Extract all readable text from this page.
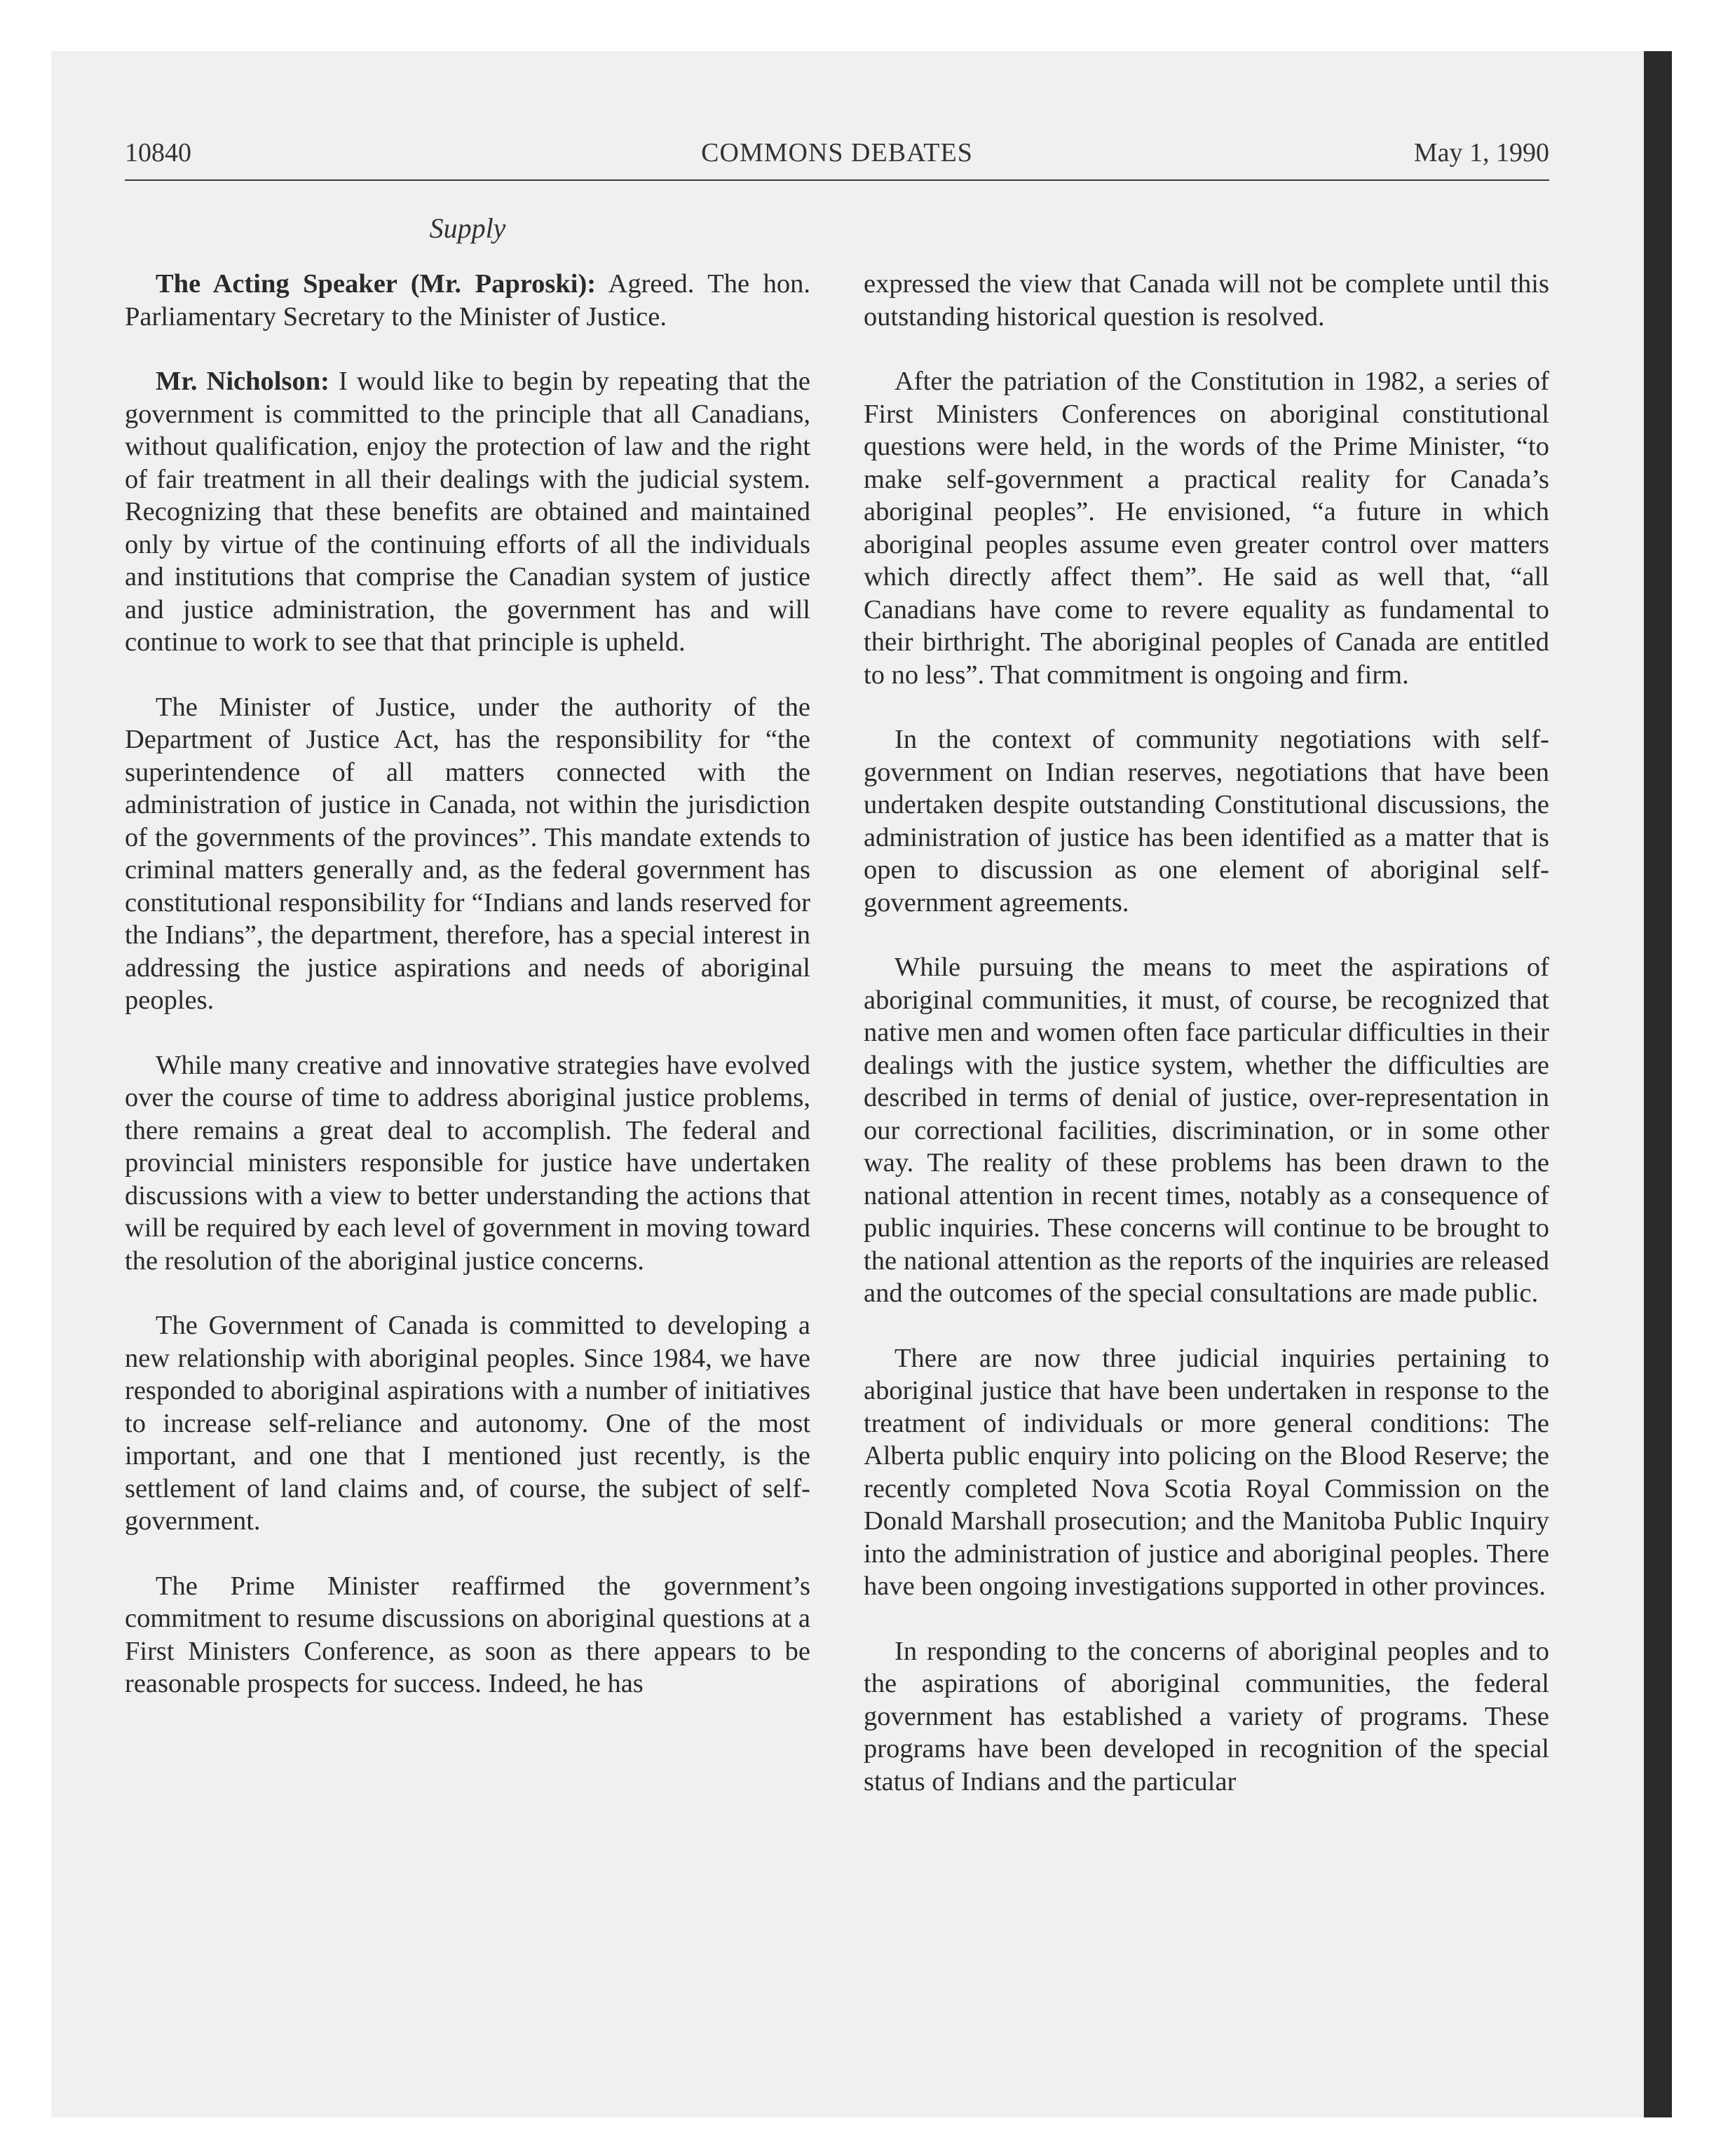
10840	COMMONS DEBATES	May 1, 1990
Supply

The Acting Speaker (Mr. Paproski): Agreed. The hon. Parliamentary Secretary to the Minister of Justice.

Mr. Nicholson: I would like to begin by repeating that the government is committed to the principle that all Canadians, without qualification, enjoy the protection of law and the right of fair treatment in all their dealings with the judicial system. Recognizing that these benefits are obtained and maintained only by virtue of the continuing efforts of all the individuals and institutions that comprise the Canadian system of justice and justice administration, the government has and will continue to work to see that that principle is upheld.

The Minister of Justice, under the authority of the Department of Justice Act, has the responsibility for “the superintendence of all matters connected with the administration of justice in Canada, not within the jurisdiction of the governments of the provinces”. This mandate extends to criminal matters generally and, as the federal government has constitutional responsibility for “Indians and lands reserved for the Indians”, the department, therefore, has a special interest in addressing the justice aspirations and needs of aboriginal peoples.

While many creative and innovative strategies have evolved over the course of time to address aboriginal justice problems, there remains a great deal to accomplish. The federal and provincial ministers responsible for justice have undertaken discussions with a view to better understanding the actions that will be required by each level of government in moving toward the resolution of the aboriginal justice concerns.

The Government of Canada is committed to developing a new relationship with aboriginal peoples. Since 1984, we have responded to aboriginal aspirations with a number of initiatives to increase self-reliance and autonomy. One of the most important, and one that I mentioned just recently, is the settlement of land claims and, of course, the subject of self-government.

The Prime Minister reaffirmed the government’s commitment to resume discussions on aboriginal questions at a First Ministers Conference, as soon as there appears to be reasonable prospects for success. Indeed, he has

expressed the view that Canada will not be complete until this outstanding historical question is resolved.

After the patriation of the Constitution in 1982, a series of First Ministers Conferences on aboriginal constitutional questions were held, in the words of the Prime Minister, “to make self-government a practical reality for Canada’s aboriginal peoples”. He envisioned, “a future in which aboriginal peoples assume even greater control over matters which directly affect them”. He said as well that, “all Canadians have come to revere equality as fundamental to their birthright. The aboriginal peoples of Canada are entitled to no less”. That commitment is ongoing and firm.

In the context of community negotiations with self-government on Indian reserves, negotiations that have been undertaken despite outstanding Constitutional discussions, the administration of justice has been identified as a matter that is open to discussion as one element of aboriginal self-government agreements.

While pursuing the means to meet the aspirations of aboriginal communities, it must, of course, be recognized that native men and women often face particular difficulties in their dealings with the justice system, whether the difficulties are described in terms of denial of justice, over-representation in our correctional facilities, discrimination, or in some other way. The reality of these problems has been drawn to the national attention in recent times, notably as a consequence of public inquiries. These concerns will continue to be brought to the national attention as the reports of the inquiries are released and the outcomes of the special consultations are made public.

There are now three judicial inquiries pertaining to aboriginal justice that have been undertaken in response to the treatment of individuals or more general conditions: The Alberta public enquiry into policing on the Blood Reserve; the recently completed Nova Scotia Royal Commission on the Donald Marshall prosecution; and the Manitoba Public Inquiry into the administration of justice and aboriginal peoples. There have been ongoing investigations supported in other provinces.

In responding to the concerns of aboriginal peoples and to the aspirations of aboriginal communities, the federal government has established a variety of programs. These programs have been developed in recognition of the special status of Indians and the particular
